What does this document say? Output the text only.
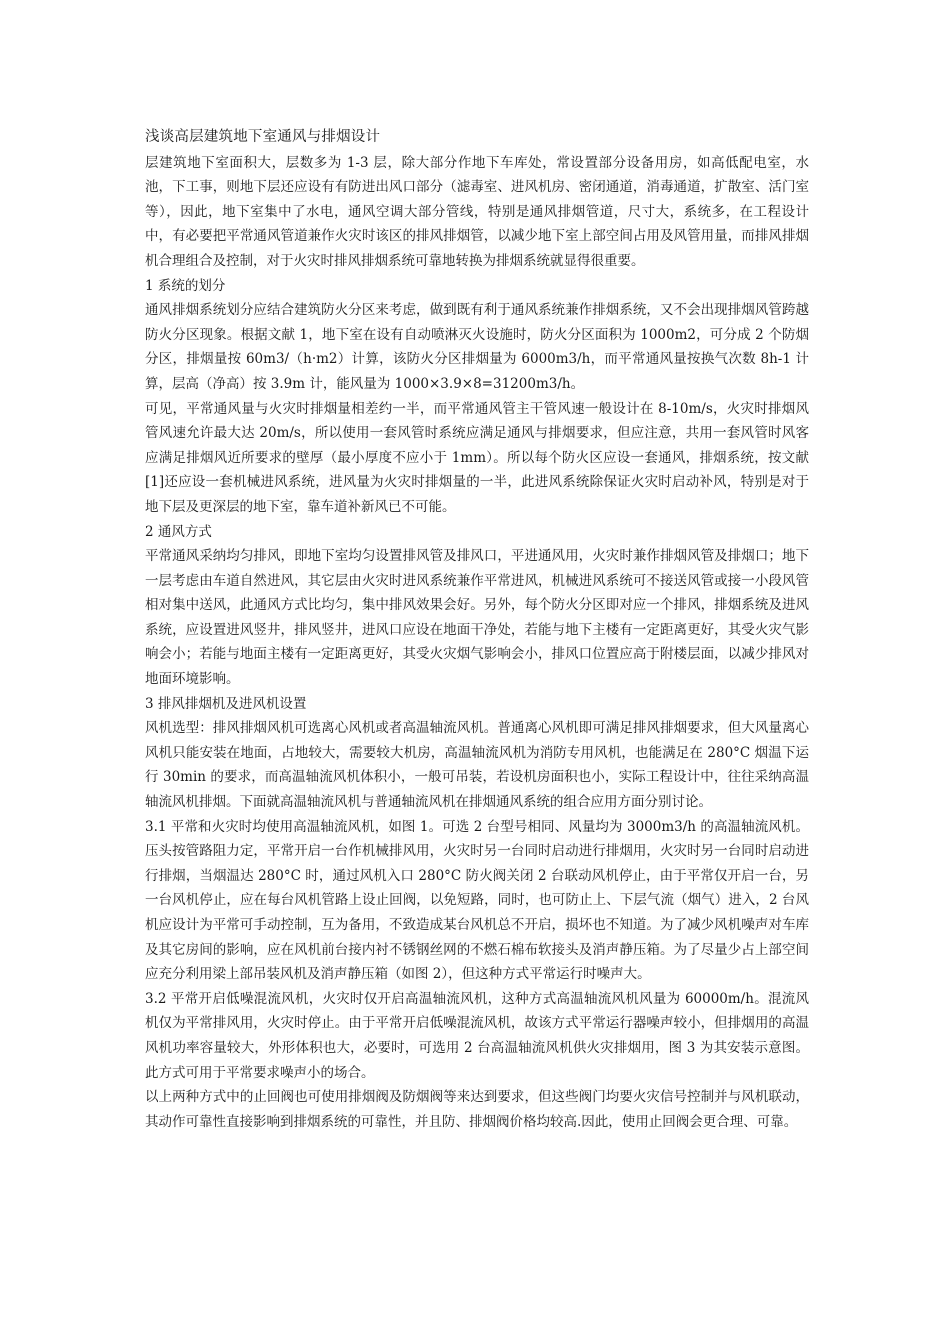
浅谈高层建筑地下室通风与排烟设计

层建筑地下室面积大，层数多为 1-3 层，除大部分作地下车库处，常设置部分设备用房，如高低配电室，水池，下工事，则地下层还应设有有防进出风口部分（滤毒室、进风机房、密闭通道，消毒通道，扩散室、活门室等），因此，地下室集中了水电，通风空调大部分管线，特别是通风排烟管道，尺寸大，系统多，在工程设计中，有必要把平常通风管道兼作火灾时该区的排风排烟管，以减少地下室上部空间占用及风管用量，而排风排烟机合理组合及控制，对于火灾时排风排烟系统可靠地转换为排烟系统就显得很重要。

1 系统的划分

通风排烟系统划分应结合建筑防火分区来考虑，做到既有利于通风系统兼作排烟系统，又不会出现排烟风管跨越防火分区现象。根据文献 1，地下室在设有自动喷淋灭火设施时，防火分区面积为 1000m2，可分成 2 个防烟分区，排烟量按 60m3/（h·m2）计算，该防火分区排烟量为 6000m3/h，而平常通风量按换气次数 8h-1 计算，层高（净高）按 3.9m 计，能风量为 1000×3.9×8=31200m3/h。

可见，平常通风量与火灾时排烟量相差约一半，而平常通风管主干管风速一般设计在 8-10m/s，火灾时排烟风管风速允许最大达 20m/s，所以使用一套风管时系统应满足通风与排烟要求，但应注意，共用一套风管时风客应满足排烟风近所要求的壁厚（最小厚度不应小于 1mm）。所以每个防火区应设一套通风，排烟系统，按文献[1]还应设一套机械进风系统，进风量为火灾时排烟量的一半，此进风系统除保证火灾时启动补风，特别是对于地下层及更深层的地下室，靠车道补新风已不可能。

2 通风方式

平常通风采纳均匀排风，即地下室均匀设置排风管及排风口，平进通风用，火灾时兼作排烟风管及排烟口；地下一层考虑由车道自然进风，其它层由火灾时进风系统兼作平常进风，机械进风系统可不接送风管或接一小段风管相对集中送风，此通风方式比均匀，集中排风效果会好。另外，每个防火分区即对应一个排风，排烟系统及进风系统，应设置进风竖井，排风竖井，进风口应设在地面干净处，若能与地下主楼有一定距离更好，其受火灾气影响会小；若能与地面主楼有一定距离更好，其受火灾烟气影响会小，排风口位置应高于附楼层面，以减少排风对地面环境影响。

3 排风排烟机及进风机设置

风机选型：排风排烟风机可选离心风机或者高温轴流风机。普通离心风机即可满足排风排烟要求，但大风量离心风机只能安装在地面，占地较大，需要较大机房，高温轴流风机为消防专用风机，也能满足在 280°C 烟温下运行 30min 的要求，而高温轴流风机体积小，一般可吊装，若设机房面积也小，实际工程设计中，往往采纳高温轴流风机排烟。下面就高温轴流风机与普通轴流风机在排烟通风系统的组合应用方面分别讨论。

3.1 平常和火灾时均使用高温轴流风机，如图 1。可选 2 台型号相同、风量均为 3000m3/h 的高温轴流风机。压头按管路阻力定，平常开启一台作机械排风用，火灾时另一台同时启动进行排烟用，火灾时另一台同时启动进行排烟，当烟温达 280°C 时，通过风机入口 280°C 防火阀关闭 2 台联动风机停止，由于平常仅开启一台，另一台风机停止，应在每台风机管路上设止回阀，以免短路，同时，也可防止上、下层气流（烟气）进入，2 台风机应设计为平常可手动控制，互为备用，不致造成某台风机总不开启，损坏也不知道。为了减少风机噪声对车库及其它房间的影响，应在风机前台接内衬不锈钢丝网的不燃石棉布软接头及消声静压箱。为了尽量少占上部空间应充分利用梁上部吊装风机及消声静压箱（如图 2），但这种方式平常运行时噪声大。

3.2 平常开启低噪混流风机，火灾时仅开启高温轴流风机，这种方式高温轴流风机风量为 60000m/h。混流风机仅为平常排风用，火灾时停止。由于平常开启低噪混流风机，故该方式平常运行器噪声较小，但排烟用的高温风机功率容量较大，外形体积也大，必要时，可选用 2 台高温轴流风机供火灾排烟用，图 3 为其安装示意图。此方式可用于平常要求噪声小的场合。

以上两种方式中的止回阀也可使用排烟阀及防烟阀等来达到要求，但这些阀门均要火灾信号控制并与风机联动，其动作可靠性直接影响到排烟系统的可靠性，并且防、排烟阀价格均较高.因此，使用止回阀会更合理、可靠。
